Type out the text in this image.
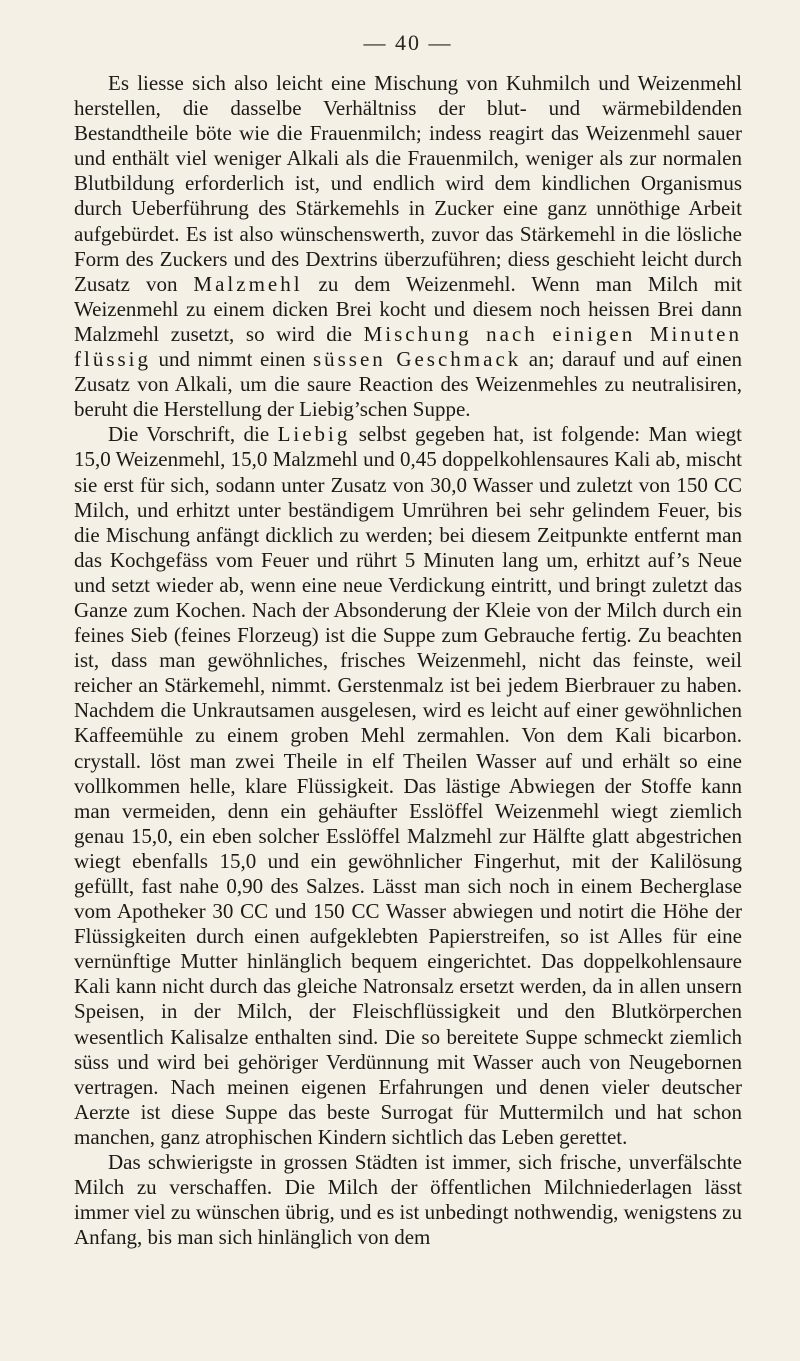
— 40 —

Es liesse sich also leicht eine Mischung von Kuhmilch und Weizenmehl herstellen, die dasselbe Verhältniss der blut- und wärmebildenden Bestandtheile böte wie die Frauenmilch; indess reagirt das Weizenmehl sauer und enthält viel weniger Alkali als die Frauenmilch, weniger als zur normalen Blutbildung erforderlich ist, und endlich wird dem kindlichen Organismus durch Ueberführung des Stärkemehls in Zucker eine ganz unnöthige Arbeit aufgebürdet. Es ist also wünschenswerth, zuvor das Stärkemehl in die lösliche Form des Zuckers und des Dextrins überzuführen; diess geschieht leicht durch Zusatz von Malzmehl zu dem Weizenmehl. Wenn man Milch mit Weizenmehl zu einem dicken Brei kocht und diesem noch heissen Brei dann Malzmehl zusetzt, so wird die Mischung nach einigen Minuten flüssig und nimmt einen süssen Geschmack an; darauf und auf einen Zusatz von Alkali, um die saure Reaction des Weizenmehles zu neutralisiren, beruht die Herstellung der Liebig’schen Suppe.

Die Vorschrift, die Liebig selbst gegeben hat, ist folgende: Man wiegt 15,0 Weizenmehl, 15,0 Malzmehl und 0,45 doppelkohlensaures Kali ab, mischt sie erst für sich, sodann unter Zusatz von 30,0 Wasser und zuletzt von 150 CC Milch, und erhitzt unter beständigem Umrühren bei sehr gelindem Feuer, bis die Mischung anfängt dicklich zu werden; bei diesem Zeitpunkte entfernt man das Kochgefäss vom Feuer und rührt 5 Minuten lang um, erhitzt auf’s Neue und setzt wieder ab, wenn eine neue Verdickung eintritt, und bringt zuletzt das Ganze zum Kochen. Nach der Absonderung der Kleie von der Milch durch ein feines Sieb (feines Florzeug) ist die Suppe zum Gebrauche fertig. Zu beachten ist, dass man gewöhnliches, frisches Weizenmehl, nicht das feinste, weil reicher an Stärkemehl, nimmt. Gerstenmalz ist bei jedem Bierbrauer zu haben. Nachdem die Unkrautsamen ausgelesen, wird es leicht auf einer gewöhnlichen Kaffeemühle zu einem groben Mehl zermahlen. Von dem Kali bicarbon. crystall. löst man zwei Theile in elf Theilen Wasser auf und erhält so eine vollkommen helle, klare Flüssigkeit. Das lästige Abwiegen der Stoffe kann man vermeiden, denn ein gehäufter Esslöffel Weizenmehl wiegt ziemlich genau 15,0, ein eben solcher Esslöffel Malzmehl zur Hälfte glatt abgestrichen wiegt ebenfalls 15,0 und ein gewöhnlicher Fingerhut, mit der Kalilösung gefüllt, fast nahe 0,90 des Salzes. Lässt man sich noch in einem Becherglase vom Apotheker 30 CC und 150 CC Wasser abwiegen und notirt die Höhe der Flüssigkeiten durch einen aufgeklebten Papierstreifen, so ist Alles für eine vernünftige Mutter hinlänglich bequem eingerichtet. Das doppelkohlensaure Kali kann nicht durch das gleiche Natronsalz ersetzt werden, da in allen unsern Speisen, in der Milch, der Fleischflüssigkeit und den Blutkörperchen wesentlich Kalisalze enthalten sind. Die so bereitete Suppe schmeckt ziemlich süss und wird bei gehöriger Verdünnung mit Wasser auch von Neugebornen vertragen. Nach meinen eigenen Erfahrungen und denen vieler deutscher Aerzte ist diese Suppe das beste Surrogat für Muttermilch und hat schon manchen, ganz atrophischen Kindern sichtlich das Leben gerettet.

Das schwierigste in grossen Städten ist immer, sich frische, unverfälschte Milch zu verschaffen. Die Milch der öffentlichen Milchniederlagen lässt immer viel zu wünschen übrig, und es ist unbedingt nothwendig, wenigstens zu Anfang, bis man sich hinlänglich von dem
